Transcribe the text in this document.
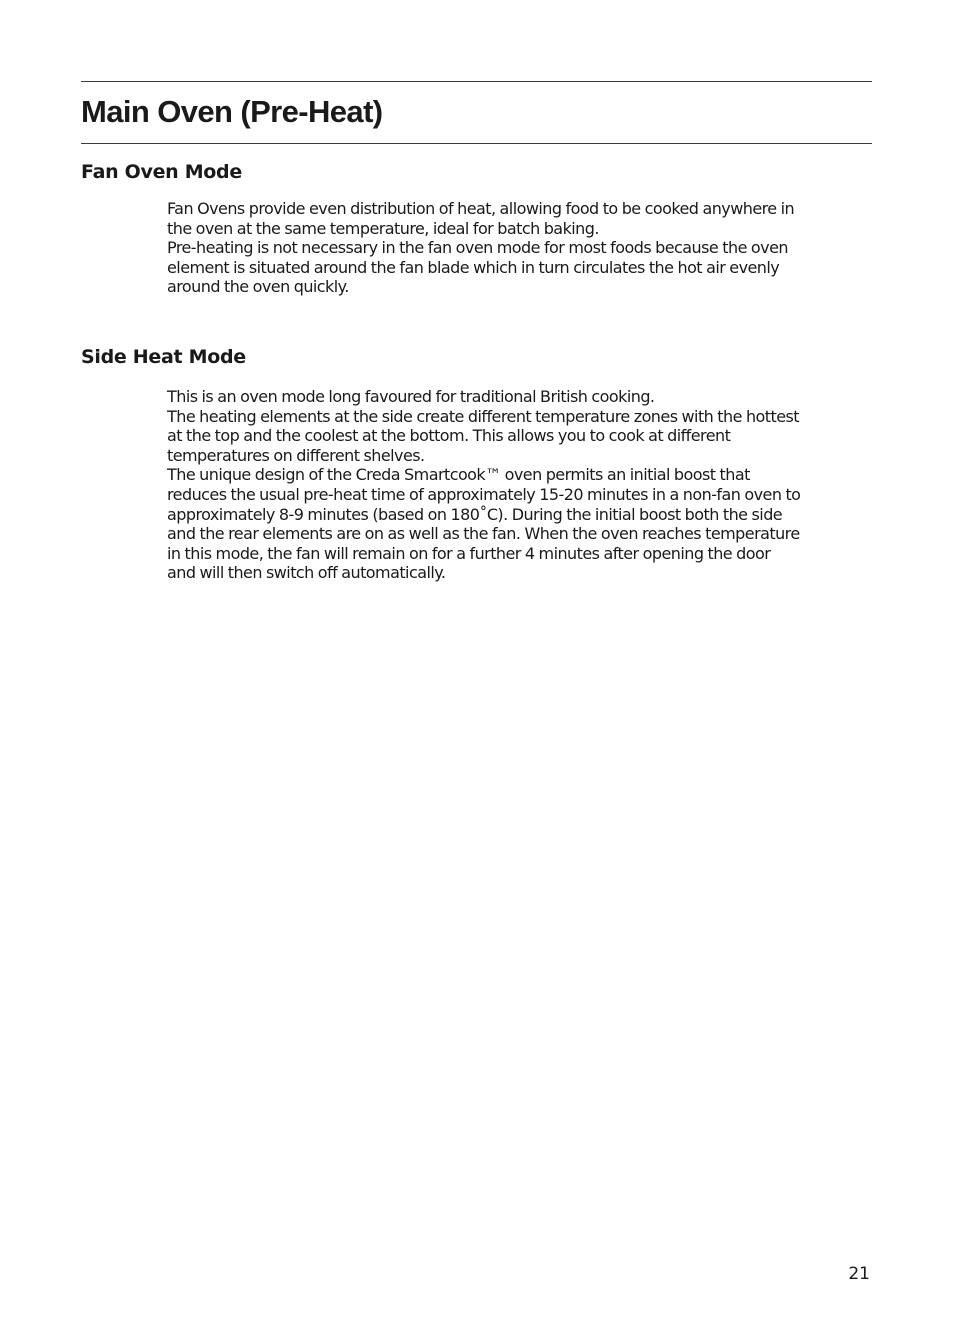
Main Oven (Pre-Heat)
Fan Oven Mode
Fan Ovens provide even distribution of heat, allowing food to be cooked anywhere in
the oven at the same temperature, ideal for batch baking.
Pre-heating is not necessary in the fan oven mode for most foods because the oven
element is situated around the fan blade which in turn circulates the hot air evenly
around the oven quickly.
Side Heat Mode
This is an oven mode long favoured for traditional British cooking.
The heating elements at the side create different temperature zones with the hottest
at the top and the coolest at the bottom. This allows you to cook at different
temperatures on different shelves.
The unique design of the Creda Smartcook™ oven permits an initial boost that
reduces the usual pre-heat time of approximately 15-20 minutes in a non-fan oven to
approximately 8-9 minutes (based on 180˚C). During the initial boost both the side
and the rear elements are on as well as the fan. When the oven reaches temperature
in this mode, the fan will remain on for a further 4 minutes after opening the door
and will then switch off automatically.

21
